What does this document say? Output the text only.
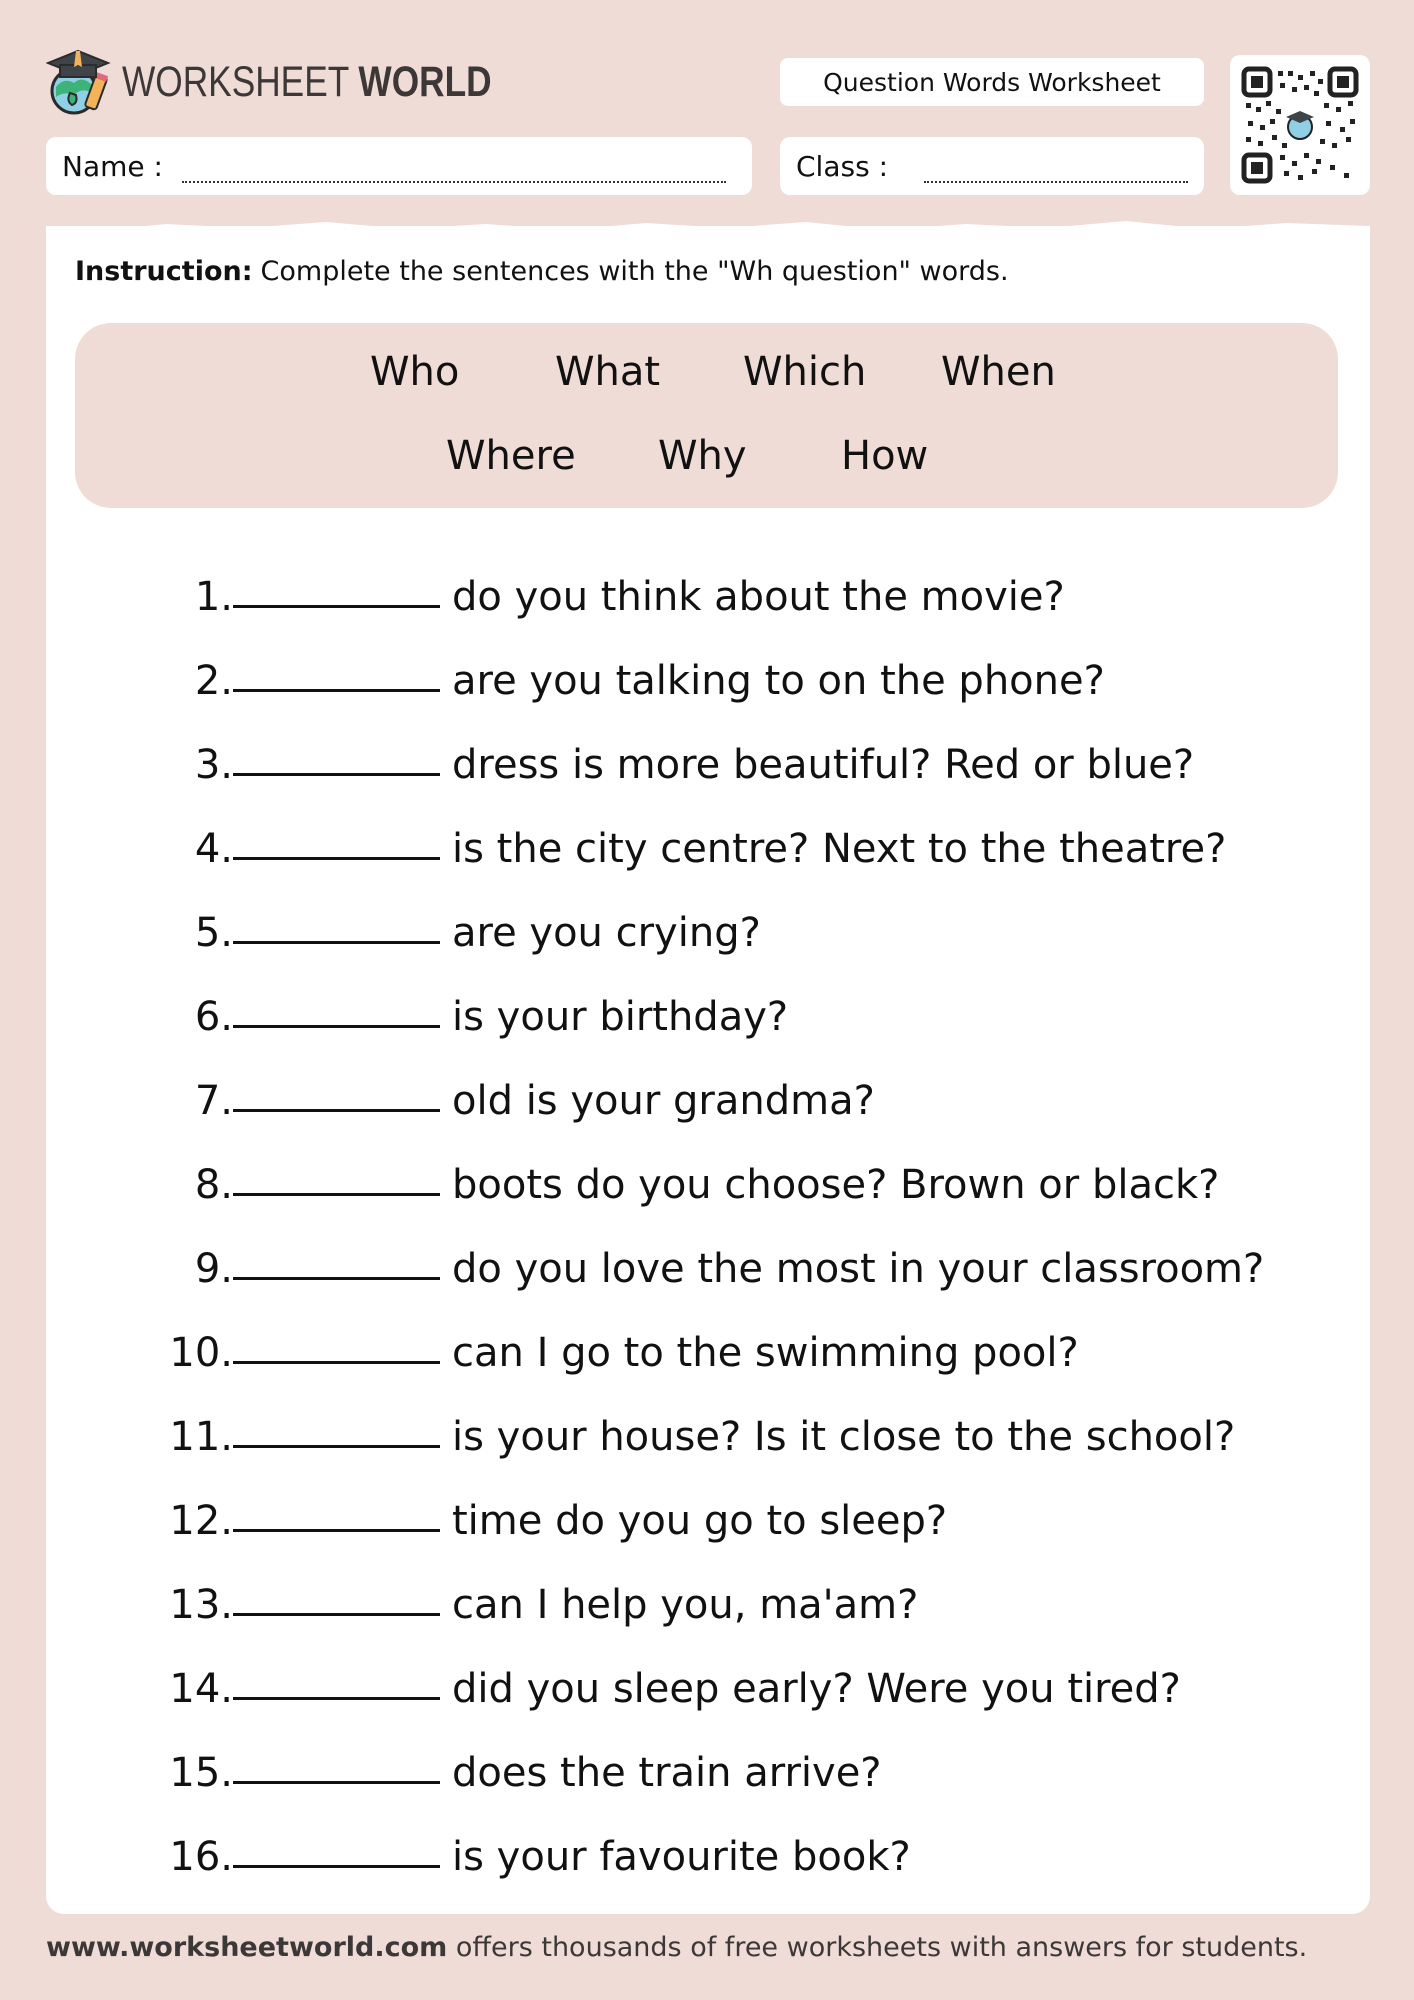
WORKSHEET WORLD	Question Words Worksheet
Name :	Class :
Instruction: Complete the sentences with the "Wh question" words.
Who What Which When
Where Why How
1.	do you think about the movie?
2.	are you talking to on the phone?
3.	dress is more beautiful? Red or blue?
4.	is the city centre? Next to the theatre?
5.	are you crying?
6.	is your birthday?
7.	old is your grandma?
8.	boots do you choose? Brown or black?
9.	do you love the most in your classroom?
10.	can I go to the swimming pool?
11.	is your house? Is it close to the school?
12.	time do you go to sleep?
13.	can I help you, ma'am?
14.	did you sleep early? Were you tired?
15.	does the train arrive?
16.	is your favourite book?
www.worksheetworld.com offers thousands of free worksheets with answers for students.
